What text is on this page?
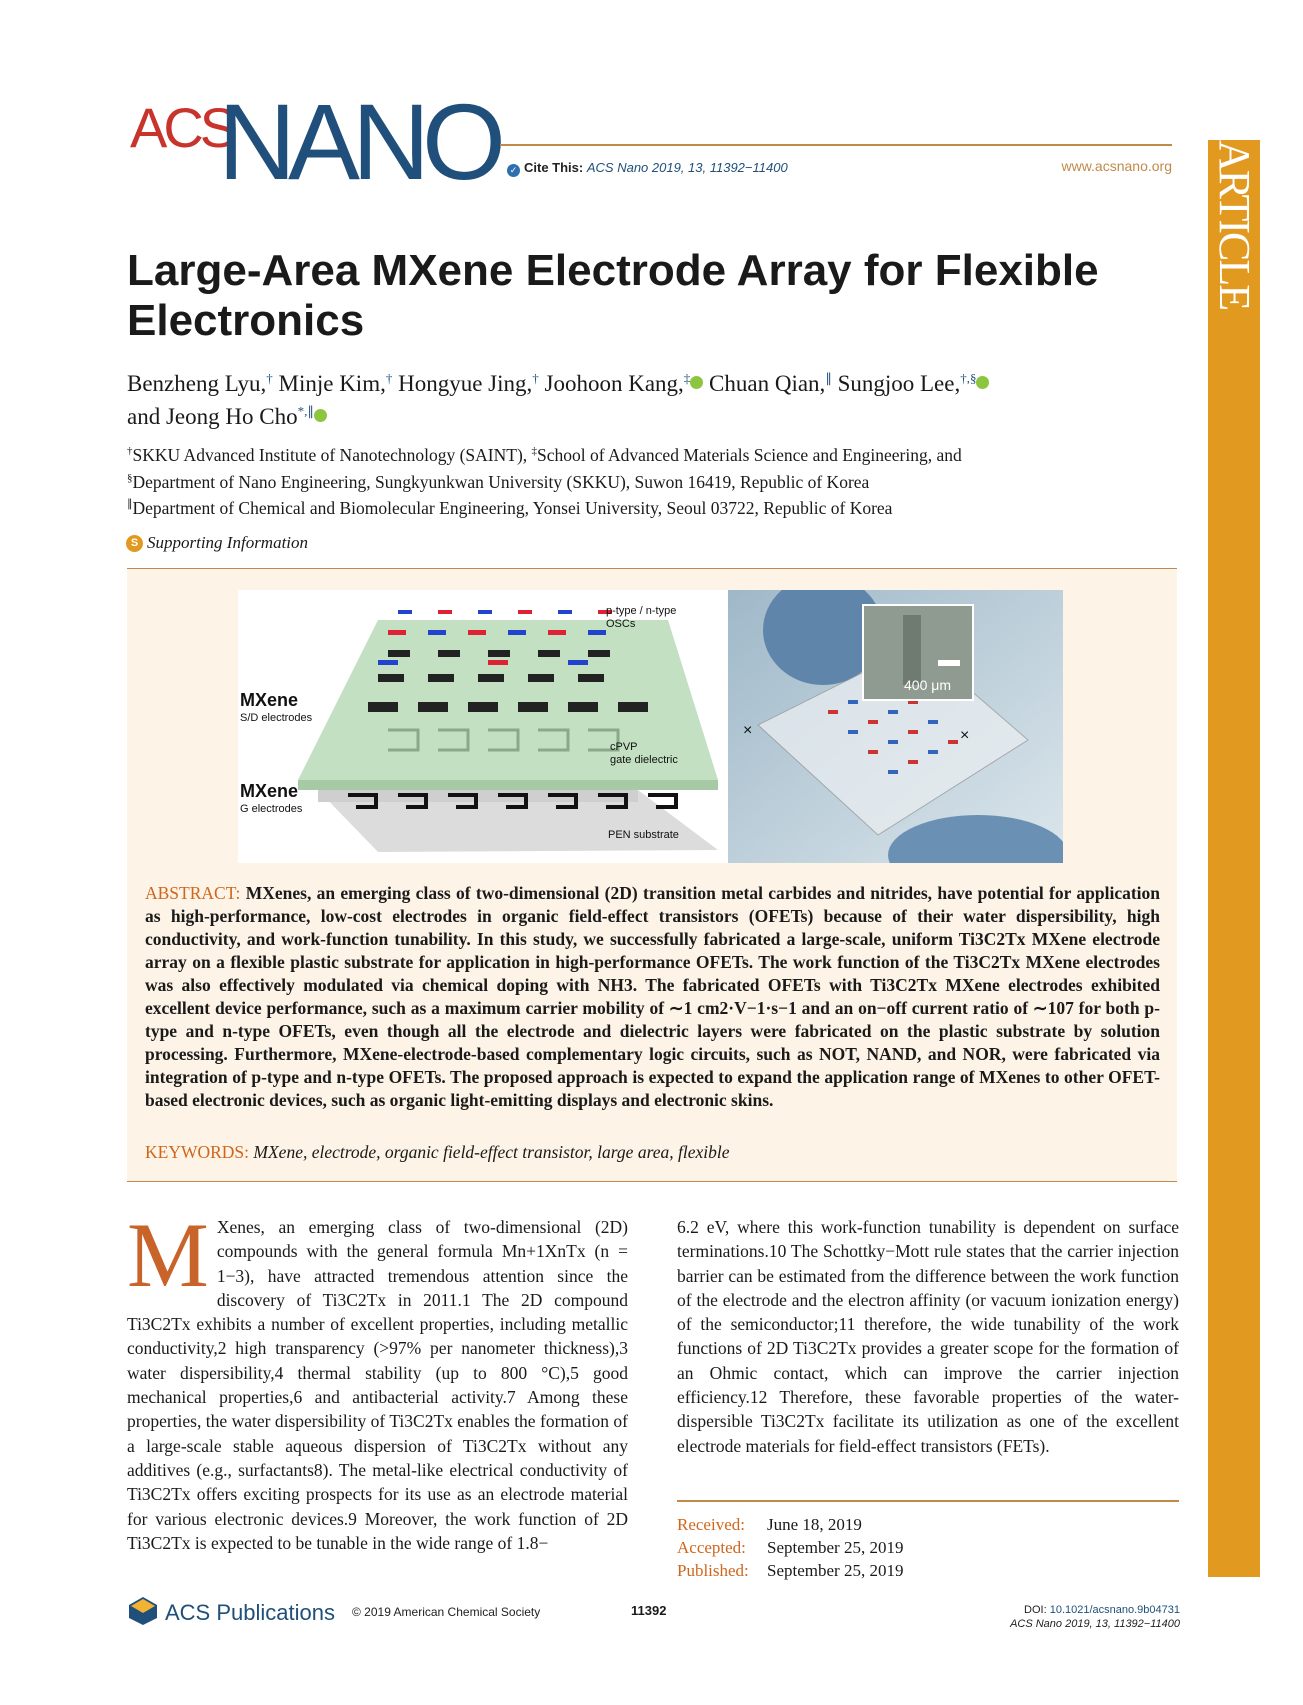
ACS
NANO	✓ Cite This: ACS Nano 2019, 13, 11392−11400	www.acsnano.org ARTICLE
Large-Area MXene Electrode Array for Flexible Electronics
Benzheng Lyu,† Minje Kim,† Hongyue Jing,† Joohoon Kang,‡ Chuan Qian,∥ Sungjoo Lee,†,§
and Jeong Ho Cho*,∥
†SKKU Advanced Institute of Nanotechnology (SAINT), ‡School of Advanced Materials Science and Engineering, and
§Department of Nano Engineering, Sungkyunkwan University (SKKU), Suwon 16419, Republic of Korea
∥Department of Chemical and Biomolecular Engineering, Yonsei University, Seoul 03722, Republic of Korea
S Supporting Information
p-type / n-type
OSCs
MXene
S/D electrodes
cPVP
gate dielectric
MXene
G electrodes
PEN substrate
×	×
400 μm
ABSTRACT: MXenes, an emerging class of two-dimensional (2D) transition metal carbides and nitrides, have potential for application as high-performance, low-cost electrodes in organic field-effect transistors (OFETs) because of their water dispersibility, high conductivity, and work-function tunability. In this study, we successfully fabricated a large-scale, uniform Ti3C2Tx MXene electrode array on a flexible plastic substrate for application in high-performance OFETs. The work function of the Ti3C2Tx MXene electrodes was also effectively modulated via chemical doping with NH3. The fabricated OFETs with Ti3C2Tx MXene electrodes exhibited excellent device performance, such as a maximum carrier mobility of ∼1 cm2·V−1·s−1 and an on−off current ratio of ∼107 for both p-type and n-type OFETs, even though all the electrode and dielectric layers were fabricated on the plastic substrate by solution processing. Furthermore, MXene-electrode-based complementary logic circuits, such as NOT, NAND, and NOR, were fabricated via integration of p-type and n-type OFETs. The proposed approach is expected to expand the application range of MXenes to other OFET-based electronic devices, such as organic light-emitting displays and electronic skins.
KEYWORDS: MXene, electrode, organic field-effect transistor, large area, flexible
M Xenes, an emerging class of two-dimensional (2D) compounds with the general formula Mn+1XnTx (n = 1−3), have attracted tremendous attention since the discovery of Ti3C2Tx in 2011.1 The 2D compound Ti3C2Tx exhibits a number of excellent properties, including metallic conductivity,2 high transparency (>97% per nanometer thickness),3 water dispersibility,4 thermal stability (up to 800 °C),5 good mechanical properties,6 and antibacterial activity.7 Among these properties, the water dispersibility of Ti3C2Tx enables the formation of a large-scale stable aqueous dispersion of Ti3C2Tx without any additives (e.g., surfactants8). The metal-like electrical conductivity of Ti3C2Tx offers exciting prospects for its use as an electrode material for various electronic devices.9 Moreover, the work function of 2D Ti3C2Tx is expected to be tunable in the wide range of 1.8−
6.2 eV, where this work-function tunability is dependent on surface terminations.10 The Schottky−Mott rule states that the carrier injection barrier can be estimated from the difference between the work function of the electrode and the electron affinity (or vacuum ionization energy) of the semiconductor;11 therefore, the wide tunability of the work functions of 2D Ti3C2Tx provides a greater scope for the formation of an Ohmic contact, which can improve the carrier injection efficiency.12 Therefore, these favorable properties of the water-dispersible Ti3C2Tx facilitate its utilization as one of the excellent electrode materials for field-effect transistors (FETs).
Received: June 18, 2019
Accepted: September 25, 2019
Published: September 25, 2019
ACS Publications © 2019 American Chemical Society	11392	DOI: 10.1021/acsnano.9b04731
ACS Nano 2019, 13, 11392−11400
